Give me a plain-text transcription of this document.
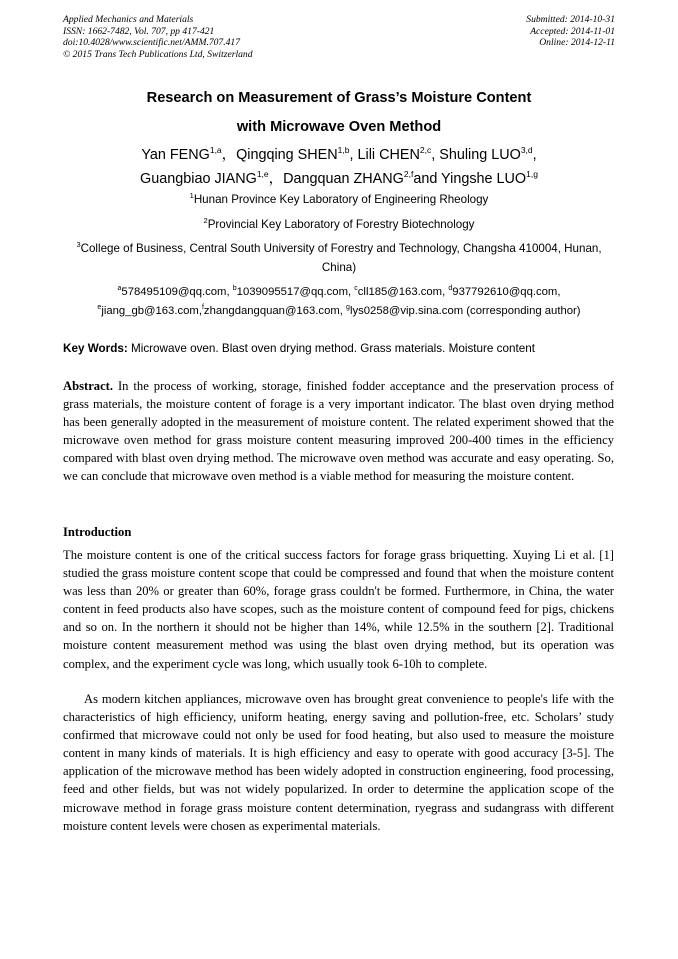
Applied Mechanics and Materials
ISSN: 1662-7482, Vol. 707, pp 417-421
doi:10.4028/www.scientific.net/AMM.707.417
© 2015 Trans Tech Publications Ltd, Switzerland
Submitted: 2014-10-31
Accepted: 2014-11-01
Online: 2014-12-11
Research on Measurement of Grass’s Moisture Content
with Microwave Oven Method
Yan FENG$^{1,a}$，Qingqing SHEN$^{1,b}$, Lili CHEN$^{2,c}$, Shuling LUO$^{3,d}$,
Guangbiao JIANG$^{1,e}$，Dangquan ZHANG$^{2,f}$and Yingshe LUO$^{1,g}$
$^1$Hunan Province Key Laboratory of Engineering Rheology
$^2$Provincial Key Laboratory of Forestry Biotechnology
$^3$College of Business, Central South University of Forestry and Technology, Changsha 410004, Hunan, China)
$^a$578495109@qq.com, $^b$1039095517@qq.com, $^c$cll185@163.com, $^d$937792610@qq.com,
$^e$jiang_gb@163.com,$^f$zhangdangquan@163.com, $^g$lys0258@vip.sina.com (corresponding author)
Key Words: Microwave oven. Blast oven drying method. Grass materials. Moisture content
Abstract. In the process of working, storage, finished fodder acceptance and the preservation process of grass materials, the moisture content of forage is a very important indicator. The blast oven drying method has been generally adopted in the measurement of moisture content. The related experiment showed that the microwave oven method for grass moisture content measuring improved 200-400 times in the efficiency compared with blast oven drying method. The microwave oven method was accurate and easy operating. So, we can conclude that microwave oven method is a viable method for measuring the moisture content.
Introduction
The moisture content is one of the critical success factors for forage grass briquetting. Xuying Li et al. [1] studied the grass moisture content scope that could be compressed and found that when the moisture content was less than 20% or greater than 60%, forage grass couldn't be formed. Furthermore, in China, the water content in feed products also have scopes, such as the moisture content of compound feed for pigs, chickens and so on. In the northern it should not be higher than 14%, while 12.5% in the southern [2]. Traditional moisture content measurement method was using the blast oven drying method, but its operation was complex, and the experiment cycle was long, which usually took 6-10h to complete.
As modern kitchen appliances, microwave oven has brought great convenience to people's life with the characteristics of high efficiency, uniform heating, energy saving and pollution-free, etc. Scholars’ study confirmed that microwave could not only be used for food heating, but also used to measure the moisture content in many kinds of materials. It is high efficiency and easy to operate with good accuracy [3-5]. The application of the microwave method has been widely adopted in construction engineering, food processing, feed and other fields, but was not widely popularized. In order to determine the application scope of the microwave method in forage grass moisture content determination, ryegrass and sudangrass with different moisture content levels were chosen as experimental materials.
